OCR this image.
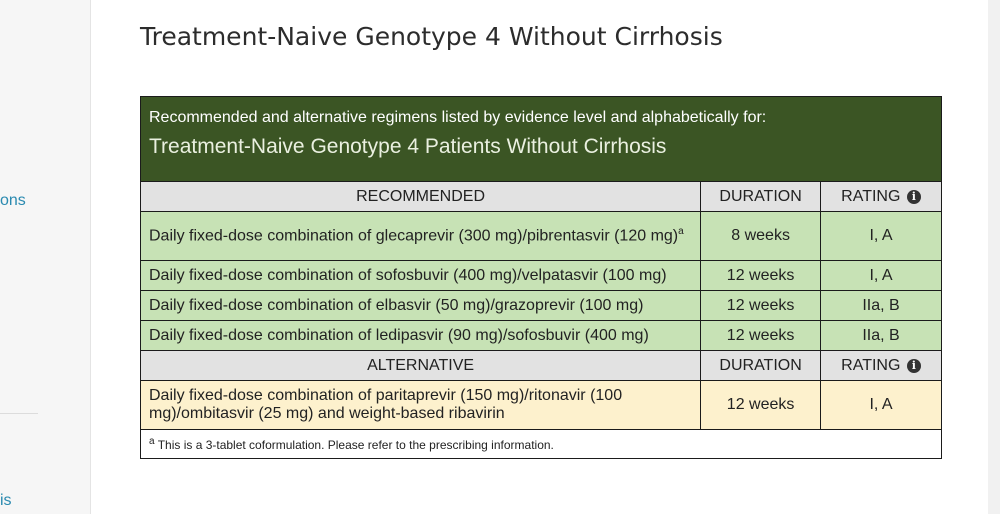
ons
is
Treatment-Naive Genotype 4 Without Cirrhosis
Recommended and alternative regimens listed by evidence level and alphabetically for:
Treatment-Naive Genotype 4 Patients Without Cirrhosis		

RECOMMENDED	DURATION	RATING i
Daily fixed-dose combination of glecaprevir (300 mg)/pibrentasvir (120 mg)$^a$	8 weeks	I, A
Daily fixed-dose combination of sofosbuvir (400 mg)/velpatasvir (100 mg)	12 weeks	I, A
Daily fixed-dose combination of elbasvir (50 mg)/grazoprevir (100 mg)	12 weeks	IIa, B
Daily fixed-dose combination of ledipasvir (90 mg)/sofosbuvir (400 mg)	12 weeks	IIa, B
ALTERNATIVE	DURATION	RATING i
Daily fixed-dose combination of paritaprevir (150 mg)/ritonavir (100 mg)/ombitasvir (25 mg) and weight-based ribavirin	12 weeks	I, A
$^a$ This is a 3-tablet coformulation. Please refer to the prescribing information.		
